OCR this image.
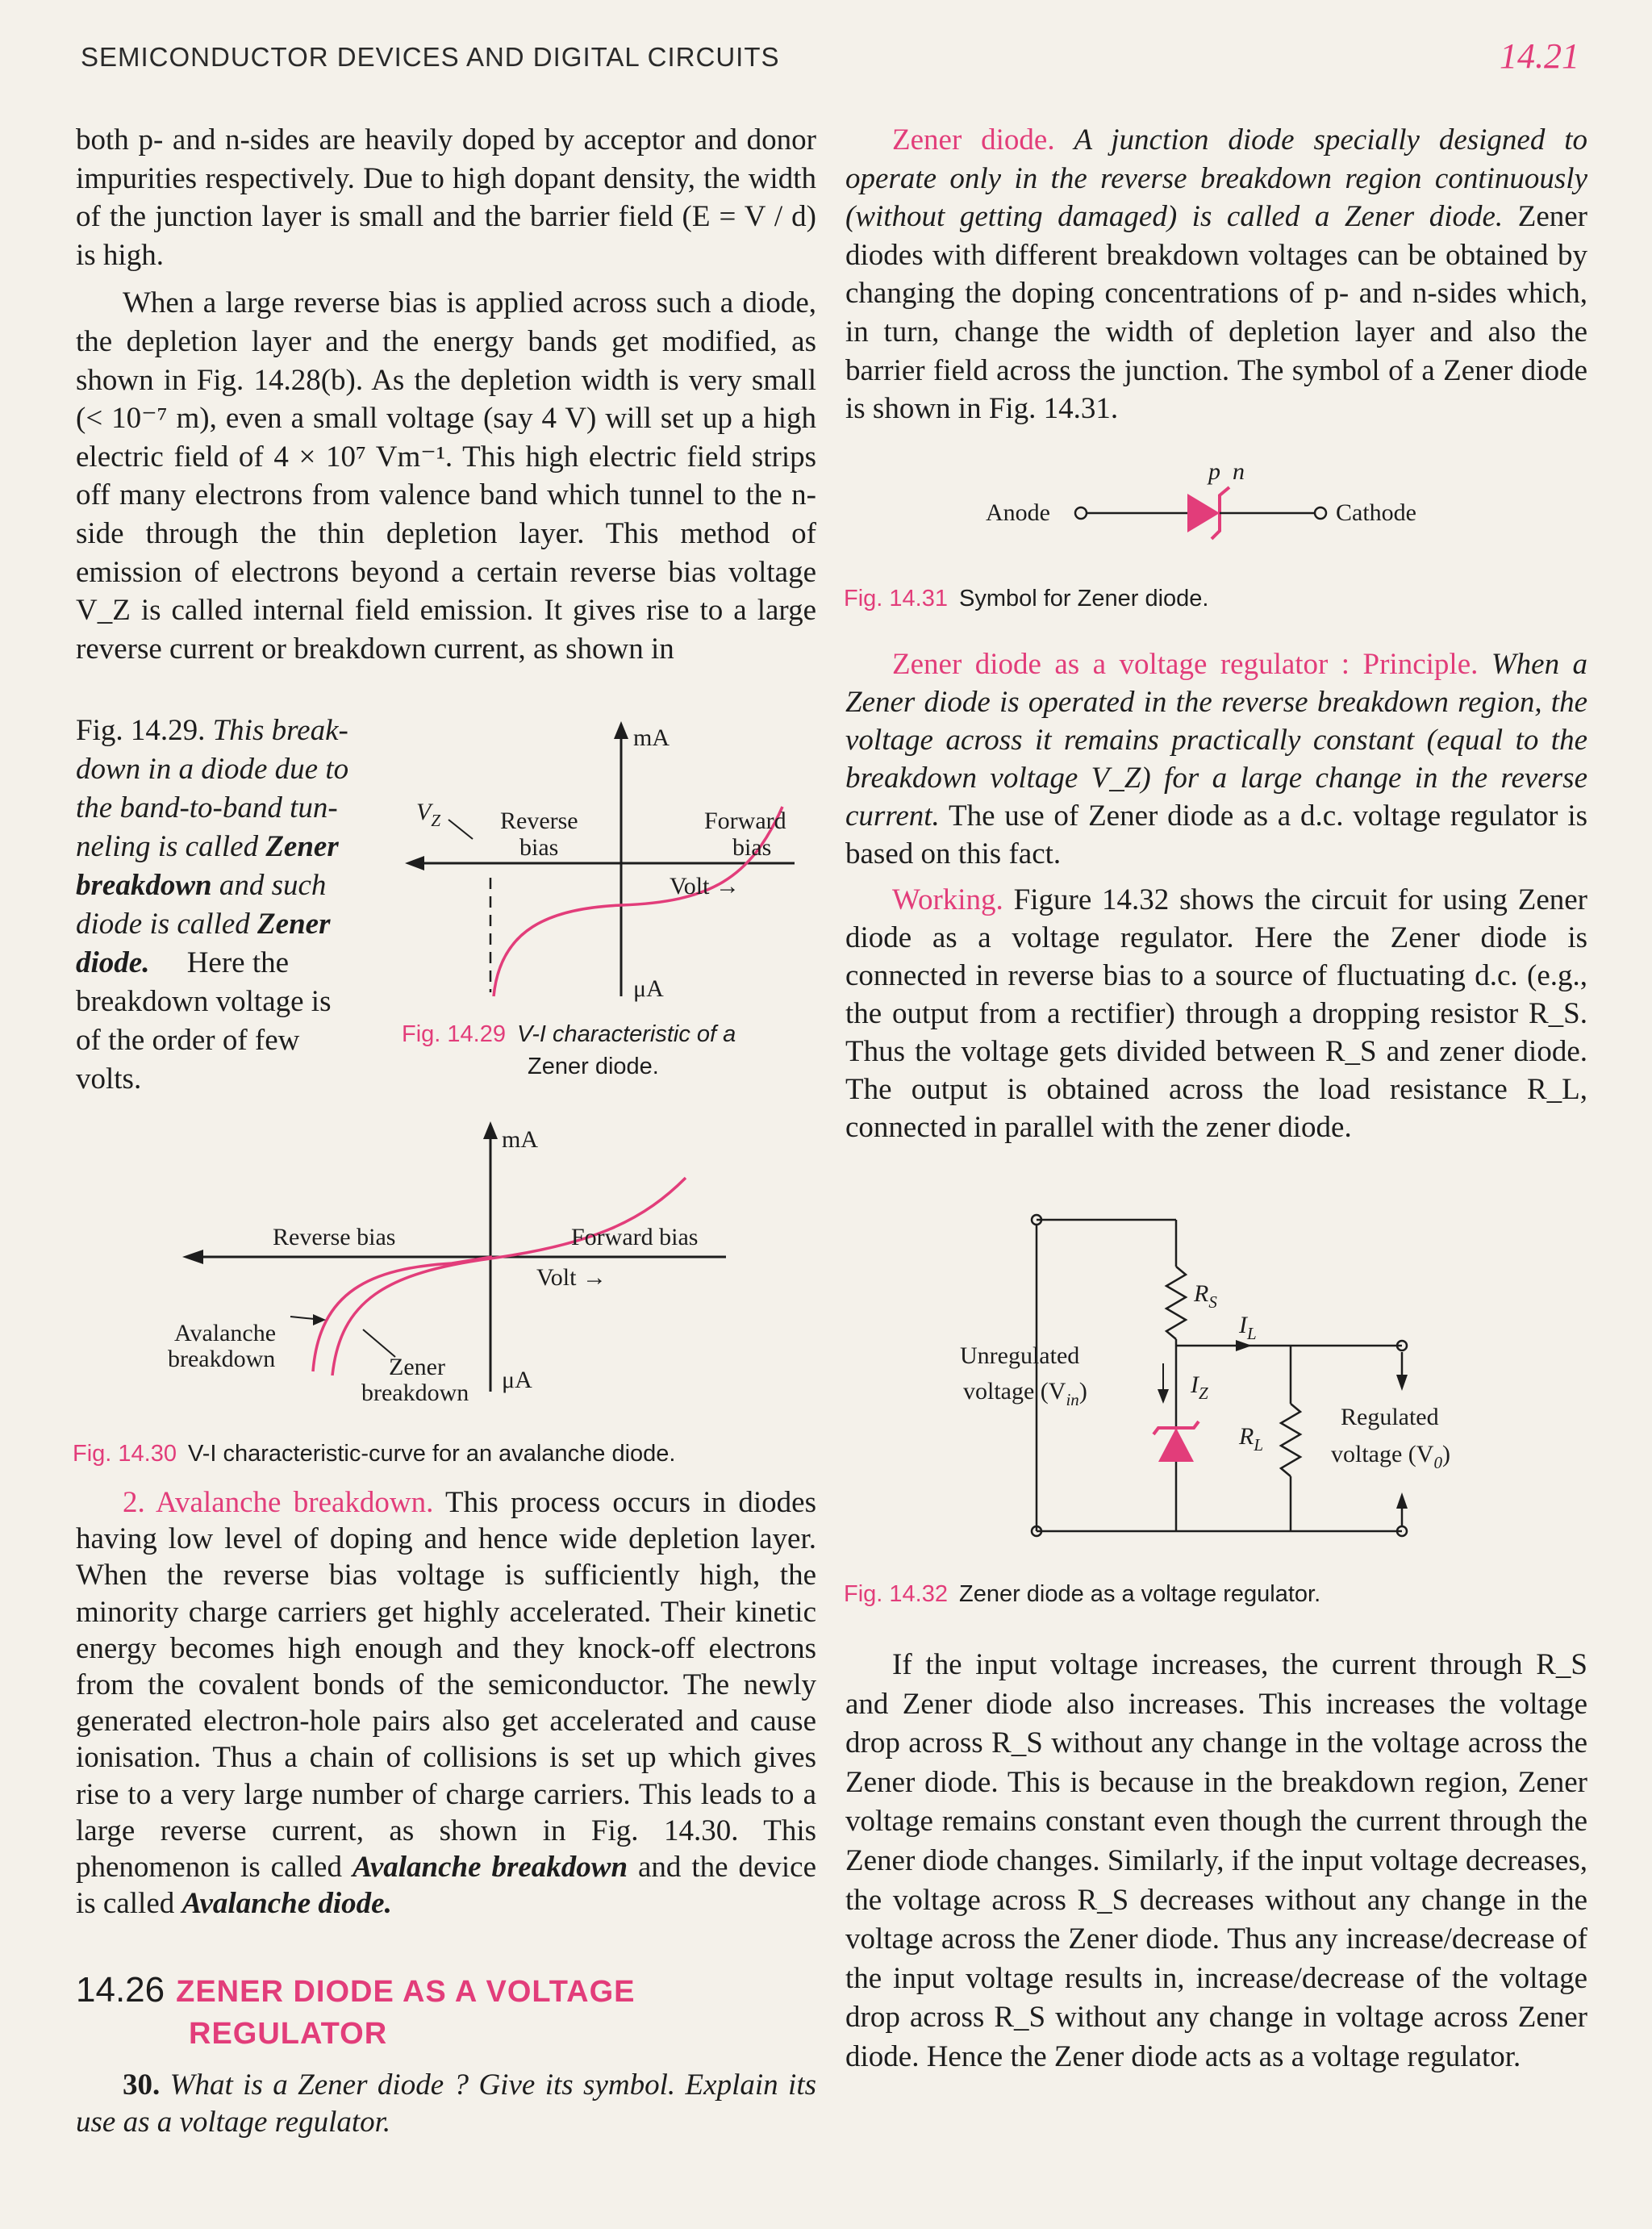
SEMICONDUCTOR DEVICES AND DIGITAL CIRCUITS	14.21

both p- and n-sides are heavily doped by acceptor and donor impurities respectively. Due to high dopant density, the width of the junction layer is small and the barrier field (E = V / d) is high.

When a large reverse bias is applied across such a diode, the depletion layer and the energy bands get modified, as shown in Fig. 14.28(b). As the depletion width is very small (< 10⁻⁷ m), even a small voltage (say 4 V) will set up a high electric field of 4 × 10⁷ Vm⁻¹. This high electric field strips off many electrons from valence band which tunnel to the n-side through the thin depletion layer. This method of emission of electrons beyond a certain reverse bias voltage V_Z is called internal field emission. It gives rise to a large reverse current or breakdown current, as shown in

Fig. 14.29. This break-
down in a diode due to
the band-to-band tun-
neling is called Zener
breakdown and such
diode is called Zener
diode. Here the
breakdown voltage is
of the order of few
volts.
mA
μA
$V_Z$ Reverse
bias
Forward
bias
Volt →
Fig. 14.29 V-I characteristic of a
Zener diode.
mA
μA
Reverse bias	Forward bias
Volt →
Avalanche
breakdown	Zener
breakdown
Fig. 14.30 V-I characteristic-curve for an avalanche diode.

2. Avalanche breakdown. This process occurs in diodes having low level of doping and hence wide depletion layer. When the reverse bias voltage is sufficiently high, the minority charge carriers get highly accelerated. Their kinetic energy becomes high enough and they knock-off electrons from the covalent bonds of the semiconductor. The newly generated electron-hole pairs also get accelerated and cause ionisation. Thus a chain of collisions is set up which gives rise to a very large number of charge carriers. This leads to a large reverse current, as shown in Fig. 14.30. This phenomenon is called Avalanche breakdown and the device is called Avalanche diode.

14.26 ZENER DIODE AS A VOLTAGE
REGULATOR

30. What is a Zener diode ? Give its symbol. Explain its use as a voltage regulator.

Zener diode. A junction diode specially designed to operate only in the reverse breakdown region continuously (without getting damaged) is called a Zener diode. Zener diodes with different breakdown voltages can be obtained by changing the doping concentrations of p- and n-sides which, in turn, change the width of depletion layer and also the barrier field across the junction. The symbol of a Zener diode is shown in Fig. 14.31.

p n
Anode	Cathode
Fig. 14.31 Symbol for Zener diode.

Zener diode as a voltage regulator : Principle. When a Zener diode is operated in the reverse breakdown region, the voltage across it remains practically constant (equal to the breakdown voltage V_Z) for a large change in the reverse current. The use of Zener diode as a d.c. voltage regulator is based on this fact.

Working. Figure 14.32 shows the circuit for using Zener diode as a voltage regulator. Here the Zener diode is connected in reverse bias to a source of fluctuating d.c. (e.g., the output from a rectifier) through a dropping resistor R_S. Thus the voltage gets divided between R_S and zener diode. The output is obtained across the load resistance R_L, connected in parallel with the zener diode.

$R_S$
$I_L$
$I_Z$
$R_L$
Unregulated
voltage $(V_{in})$
Regulated
voltage $(V_0)$
Fig. 14.32 Zener diode as a voltage regulator.

If the input voltage increases, the current through R_S and Zener diode also increases. This increases the voltage drop across R_S without any change in the voltage across the Zener diode. This is because in the breakdown region, Zener voltage remains constant even though the current through the Zener diode changes. Similarly, if the input voltage decreases, the voltage across R_S decreases without any change in the voltage across the Zener diode. Thus any increase/decrease of the input voltage results in, increase/decrease of the voltage drop across R_S without any change in voltage across Zener diode. Hence the Zener diode acts as a voltage regulator.
